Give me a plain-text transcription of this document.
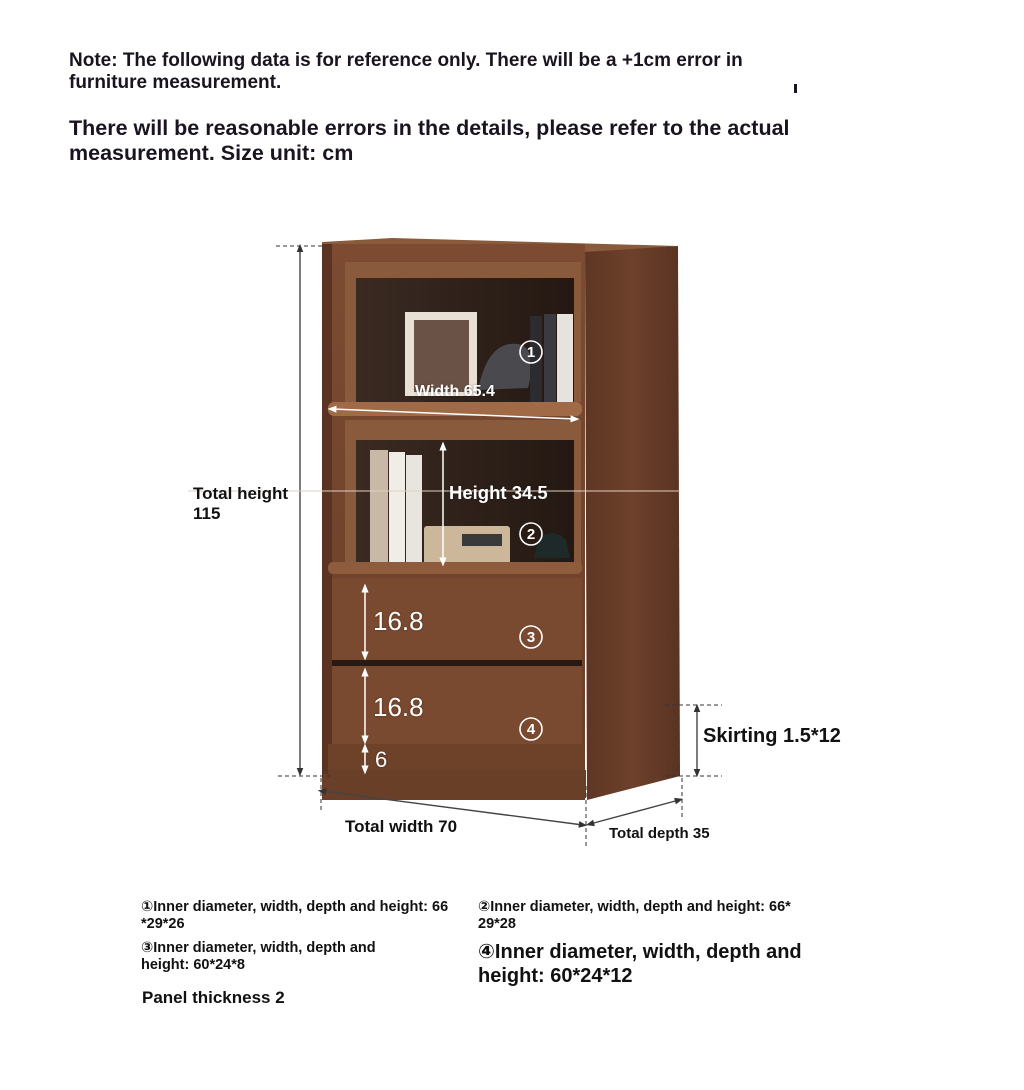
Note: The following data is for reference only. There will be a +1cm error in furniture measurement.
There will be reasonable errors in the details, please refer to the actual measurement. Size unit: cm
1
2
3
4
Total height 115
Width 65.4
Height 34.5
16.8
16.8
6
Skirting 1.5*12
Total width 70	Total depth 35
①Inner diameter, width, depth and height: 66 *29*26
②Inner diameter, width, depth and height: 66* 29*28
③Inner diameter, width, depth and height: 60*24*8
④Inner diameter, width, depth and height: 60*24*12
Panel thickness 2
